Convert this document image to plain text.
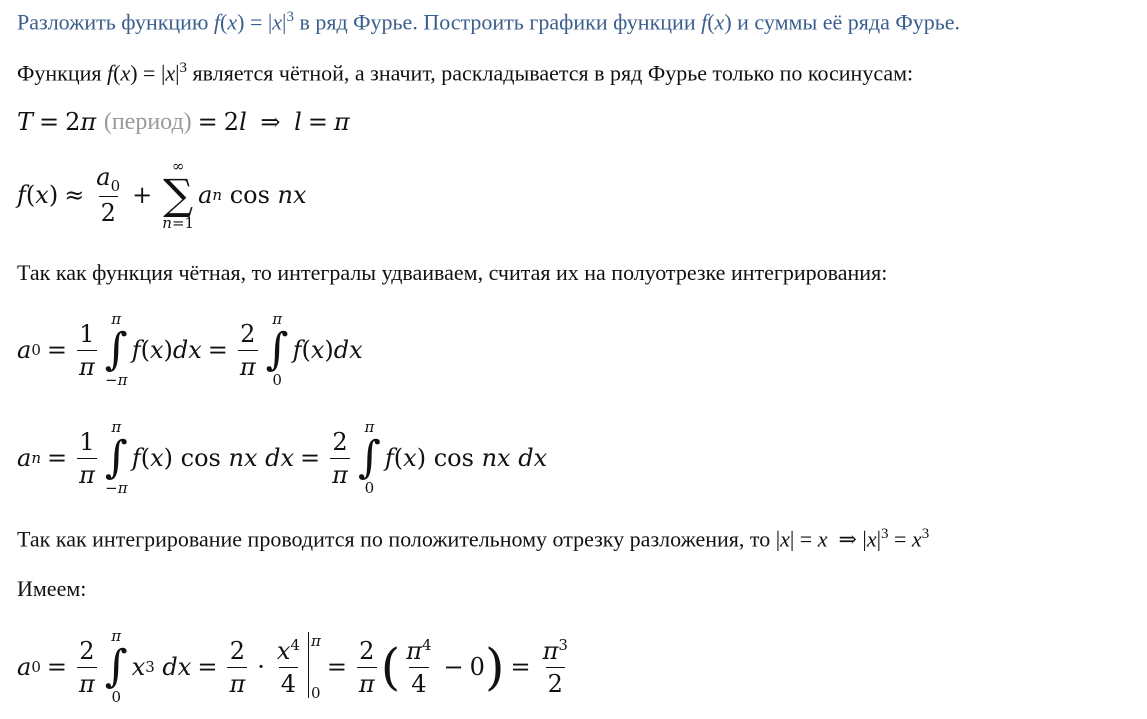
Разложить функцию $f(x) = |x|^3$ в ряд Фурье. Построить графики функции f(x) и суммы её ряда Фурье.
Функция $f(x) = |x|^3$ является чётной, а значит, раскладывается в ряд Фурье только по косинусам:
T = 2 π
(период) = 2 l ⇒ l = π
f ( x ) ≈ $\frac{a_0}{2}$ +
∞
∑
n=1
a n
cos
nx
Так как функция чётная, то интегралы удваиваем, считая их на полуотрезке интегрирования:
a $0 = \frac{1}{\pi}$
π
∫
−π
f ( x ) dx = $\frac{2}{\pi}$
π
∫
0
f ( x ) dx
a $n = \frac{1}{\pi}$
π
∫
−π
f ( x )
cos
nx
dx = $\frac{2}{\pi}$
π
∫
0
f ( x )
cos
nx
dx
Так как интегрирование проводится по положительному отрезку разложения, то |x| = x  ⇒ $|x|^3 = x^3$
Имеем:
a $0 = \frac{2}{\pi}$
π
∫
0
x 3
dx = $\frac{2}{\pi} \cdot \frac{x^4}{4}$ π
0
= $\frac{2}{\pi}$ ( $\frac{\pi^4}{4} - 0$ ) = $\frac{\pi^3}{2}$
